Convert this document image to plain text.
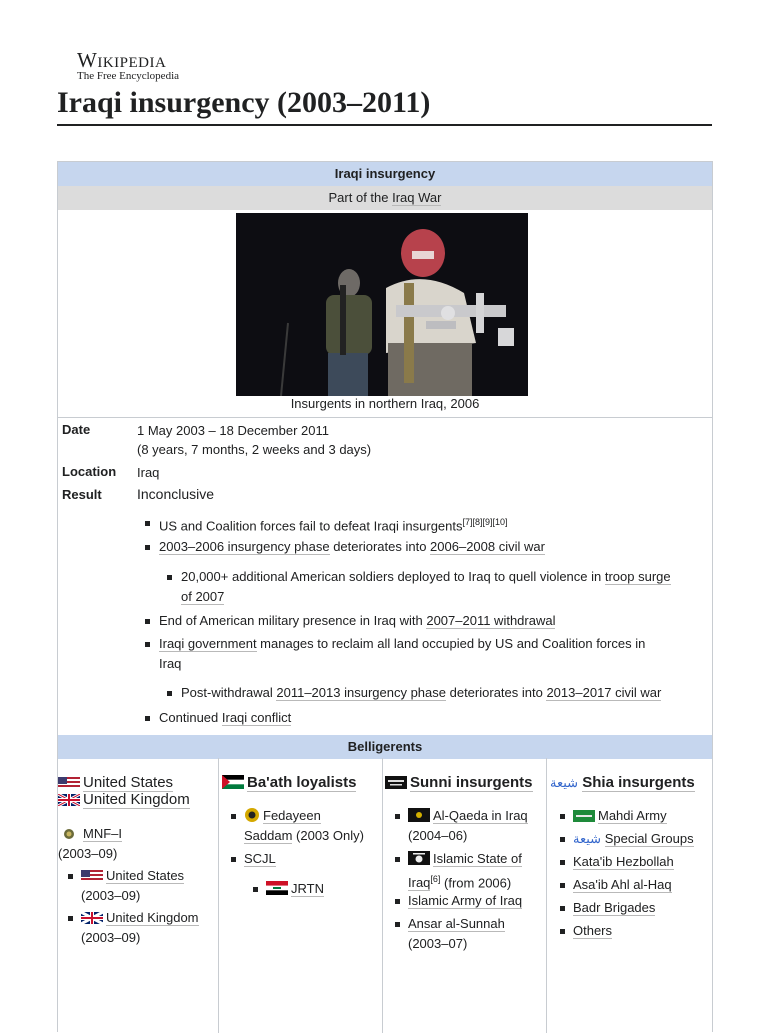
Wikipedia
The Free Encyclopedia
Iraqi insurgency (2003–2011)
Iraqi insurgency
Part of the Iraq War
Insurgents in northern Iraq, 2006
Date	1 May 2003 – 18 December 2011
(8 years, 7 months, 2 weeks and 3 days)
Location Iraq
Result	Inconclusive
US and Coalition forces fail to defeat Iraqi insurgents[7][8][9][10]
2003–2006 insurgency phase deteriorates into 2006–2008 civil war
20,000+ additional American soldiers deployed to Iraq to quell violence in troop surge
of 2007
End of American military presence in Iraq with 2007–2011 withdrawal
Iraqi government manages to reclaim all land occupied by US and Coalition forces in
Iraq
Post-withdrawal 2011–2013 insurgency phase deteriorates into 2013–2017 civil war
Continued Iraqi conflict
Belligerents
United States
United Kingdom
MNF–I
(2003–09)
United States
(2003–09)
United Kingdom
(2003–09)
Ba'ath loyalists
Fedayeen
Saddam (2003 Only)
SCJL
JRTN
Sunni insurgents
Al-Qaeda in Iraq
(2004–06)
Islamic State of
Iraq[6] (from 2006)
Islamic Army of Iraq
Ansar al-Sunnah
(2003–07)
شيعة Shia insurgents
Mahdi Army
شيعة Special Groups
Kata'ib Hezbollah
Asa'ib Ahl al-Haq
Badr Brigades
Others
